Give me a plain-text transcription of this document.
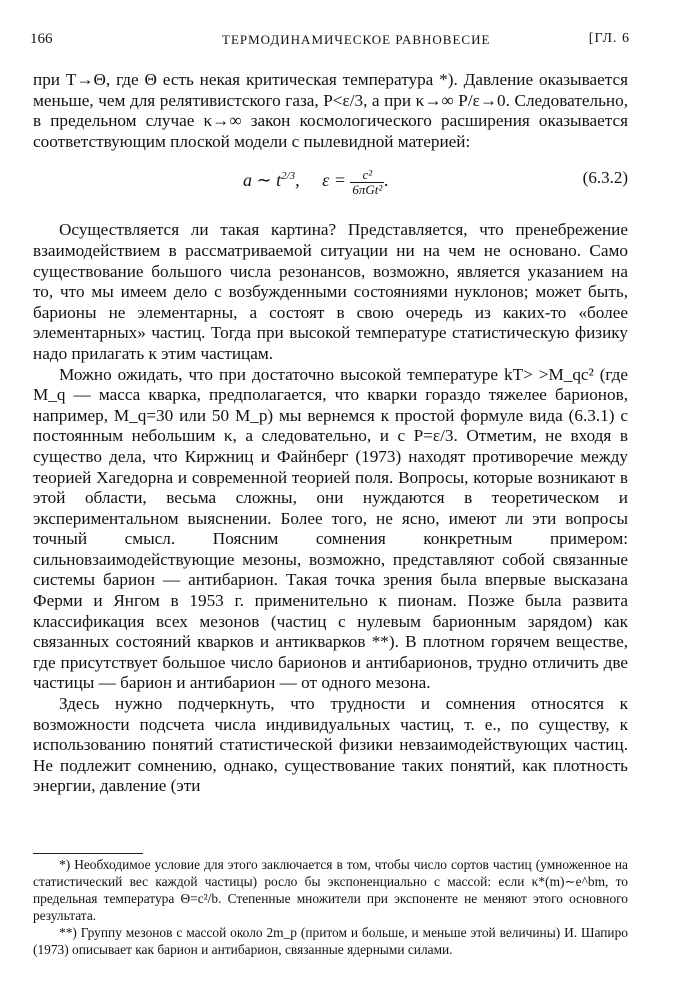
166	ТЕРМОДИНАМИЧЕСКОЕ РАВНОВЕСИЕ	[ГЛ. 6

при T→Θ, где Θ есть некая критическая температура *). Давление оказывается меньше, чем для релятивистского газа, P<ε/3, а при κ→∞ P/ε→0. Следовательно, в предельном случае κ→∞ закон космологического расширения оказывается соответствующим плоской модели с пылевидной материей:

a ∼ $t^{2/3}$, $\varepsilon = \frac{\text{c²}}{\text{6πGt²}}$ .	(6.3.2)

Осуществляется ли такая картина? Представляется, что пренебрежение взаимодействием в рассматриваемой ситуации ни на чем не основано. Само существование большого числа резонансов, возможно, является указанием на то, что мы имеем дело с возбужденными состояниями нуклонов; может быть, барионы не элементарны, а состоят в свою очередь из каких-то «более элементарных» частиц. Тогда при высокой температуре статистическую физику надо прилагать к этим частицам.

Можно ожидать, что при достаточно высокой температуре kT> >M_qc² (где M_q — масса кварка, предполагается, что кварки гораздо тяжелее барионов, например, M_q=30 или 50 M_p) мы вернемся к простой формуле вида (6.3.1) с постоянным небольшим κ, а следовательно, и с P=ε/3. Отметим, не входя в существо дела, что Киржниц и Файнберг (1973) находят противоречие между теорией Хагедорна и современной теорией поля. Вопросы, которые возникают в этой области, весьма сложны, они нуждаются в теоретическом и экспериментальном выяснении. Более того, не ясно, имеют ли эти вопросы точный смысл. Поясним сомнения конкретным примером: сильновзаимодействующие мезоны, возможно, представляют собой связанные системы барион — антибарион. Такая точка зрения была впервые высказана Ферми и Янгом в 1953 г. применительно к пионам. Позже была развита классификация всех мезонов (частиц с нулевым барионным зарядом) как связанных состояний кварков и антикварков **). В плотном горячем веществе, где присутствует большое число барионов и антибарионов, трудно отличить две частицы — барион и антибарион — от одного мезона.

Здесь нужно подчеркнуть, что трудности и сомнения относятся к возможности подсчета числа индивидуальных частиц, т. е., по существу, к использованию понятий статистической физики невзаимодействующих частиц. Не подлежит сомнению, однако, существование таких понятий, как плотность энергии, давление (эти

*) Необходимое условие для этого заключается в том, чтобы число сортов частиц (умноженное на статистический вес каждой частицы) росло бы экспоненциально с массой: если κ*(m)∼e^bm, то предельная температура Θ=c²/b. Степенные множители при экспоненте не меняют этого основного результата.

**) Группу мезонов с массой около 2m_p (притом и больше, и меньше этой величины) И. Шапиро (1973) описывает как барион и антибарион, связанные ядерными силами.
